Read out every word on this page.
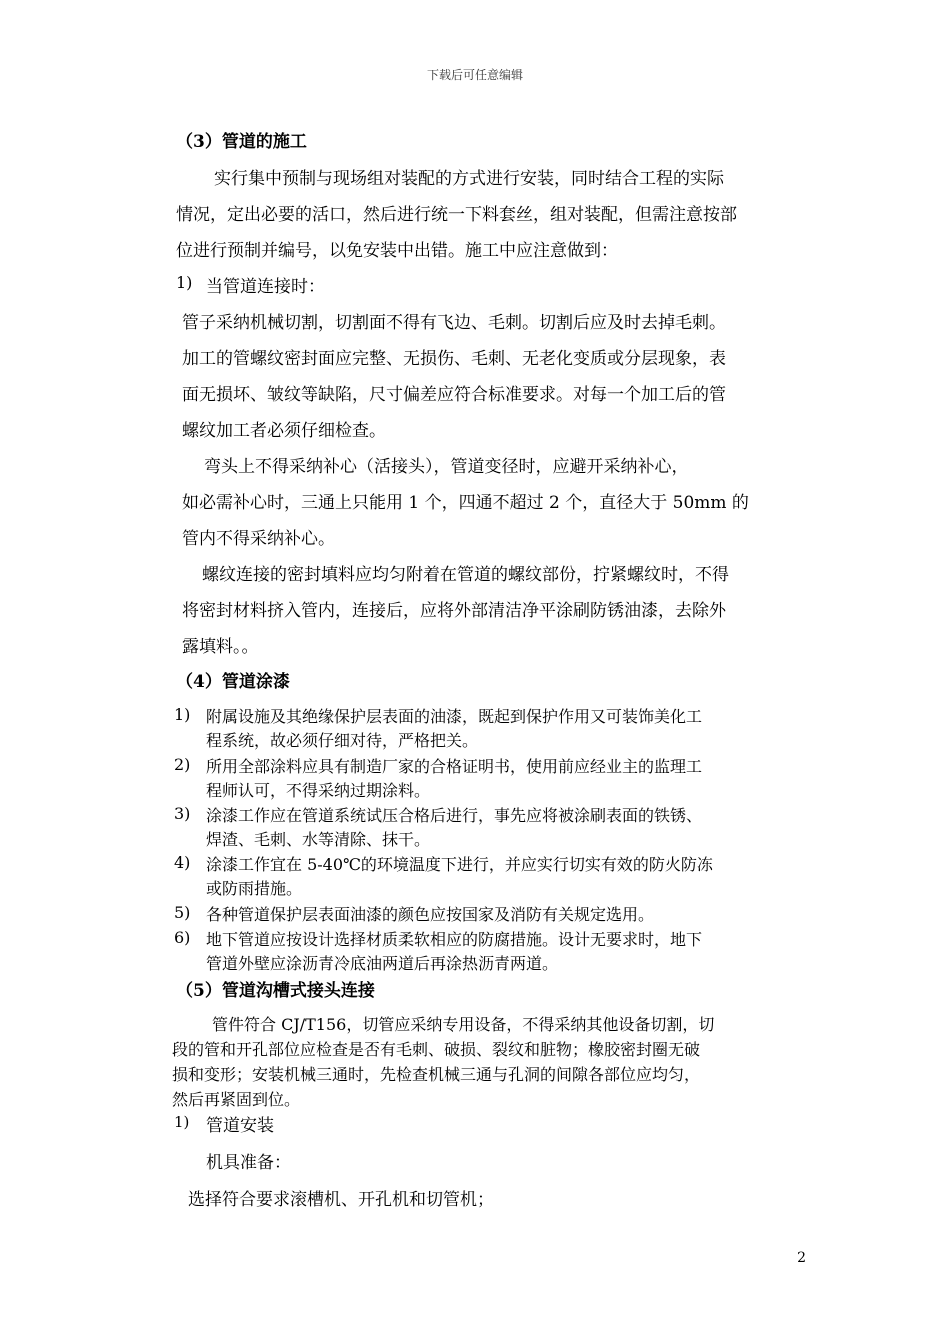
下载后可任意编辑
（3）管道的施工
实行集中预制与现场组对装配的方式进行安装，同时结合工程的实际
情况，定出必要的活口，然后进行统一下料套丝，组对装配，但需注意按部
位进行预制并编号，以免安装中出错。施工中应注意做到：
1) 当管道连接时：
管子采纳机械切割，切割面不得有飞边、毛刺。切割后应及时去掉毛刺。
加工的管螺纹密封面应完整、无损伤、毛刺、无老化变质或分层现象，表
面无损坏、皱纹等缺陷，尺寸偏差应符合标准要求。对每一个加工后的管
螺纹加工者必须仔细检查。
弯头上不得采纳补心（活接头），管道变径时，应避开采纳补心，
如必需补心时，三通上只能用 1 个，四通不超过 2 个，直径大于 50mm 的
管内不得采纳补心。
螺纹连接的密封填料应均匀附着在管道的螺纹部份，拧紧螺纹时，不得
将密封材料挤入管内，连接后，应将外部清洁净平涂刷防锈油漆，去除外
露填料。。
（4）管道涂漆
1) 附属设施及其绝缘保护层表面的油漆，既起到保护作用又可装饰美化工
程系统，故必须仔细对待，严格把关。
2) 所用全部涂料应具有制造厂家的合格证明书，使用前应经业主的监理工
程师认可，不得采纳过期涂料。
3) 涂漆工作应在管道系统试压合格后进行，事先应将被涂刷表面的铁锈、
焊渣、毛刺、水等清除、抹干。
4) 涂漆工作宜在 5-40℃的环境温度下进行，并应实行切实有效的防火防冻
或防雨措施。
5) 各种管道保护层表面油漆的颜色应按国家及消防有关规定选用。
6) 地下管道应按设计选择材质柔软相应的防腐措施。设计无要求时，地下
管道外壁应涂沥青冷底油两道后再涂热沥青两道。
（5）管道沟槽式接头连接
管件符合 CJ/T156，切管应采纳专用设备，不得采纳其他设备切割，切
段的管和开孔部位应检查是否有毛刺、破损、裂纹和脏物；橡胶密封圈无破
损和变形；安装机械三通时，先检查机械三通与孔洞的间隙各部位应均匀，
然后再紧固到位。
1) 管道安装
机具准备：
选择符合要求滚槽机、开孔机和切管机；
2
